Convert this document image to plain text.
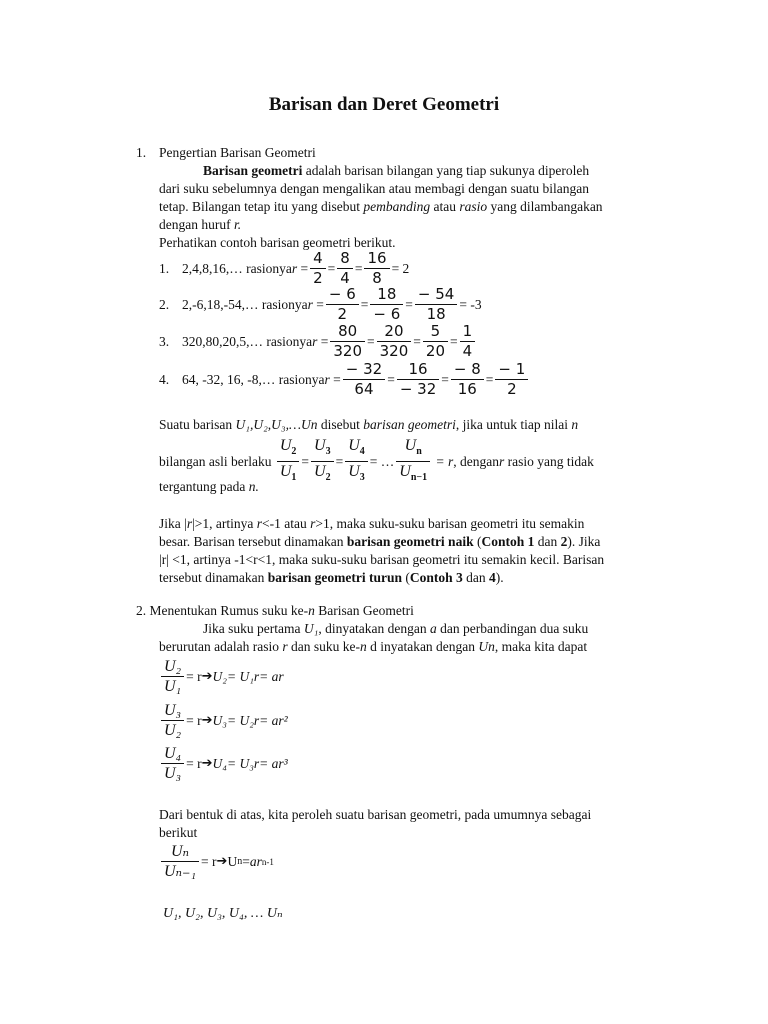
Barisan dan Deret Geometri
1. Pengertian Barisan Geometri
Barisan geometri adalah barisan bilangan yang tiap sukunya diperoleh
dari suku sebelumnya dengan mengalikan atau membagi dengan suatu bilangan
tetap. Bilangan tetap itu yang disebut pembanding atau rasio yang dilambangakan
dengan huruf r.
Perhatikan contoh barisan geometri berikut.
1. 2,4,8,16,… rasionya $r = \frac{4}{2} = \frac{8}{4} = \frac{16}{8} = 2$
2. 2,-6,18,-54,… rasionya $r = \frac{- 6}{2} = \frac{18}{- 6} = \frac{- 54}{18} = -3$
3. 320,80,20,5,… rasionya $r = \frac{80}{320} = \frac{20}{320} = \frac{5}{20} = \frac{1}{4}$
4. 64, -32, 16, -8,… rasionya $r = \frac{- 32}{64} = \frac{16}{- 32} = \frac{- 8}{16} = \frac{- 1}{2}$
Suatu barisan U₁,U₂,U₃,…Un disebut barisan geometri, jika untuk tiap nilai n
bilangan asli berlaku
$\frac{U_2}{U_1} = \frac{U_3}{U_2} = \frac{U_4}{U_3}$ = … $\frac{U_n}{U_{n-1}}$
= r , dengan r
rasio yang tidak
tergantung pada n.
Jika |r|>1, artinya r<-1 atau r>1, maka suku-suku barisan geometri itu semakin
besar. Barisan tersebut dinamakan barisan geometri naik (Contoh 1 dan 2). Jika
|r| <1, artinya -1<r<1, maka suku-suku barisan geometri itu semakin kecil. Barisan
tersebut dinamakan barisan geometri turun (Contoh 3 dan 4).
2. Menentukan Rumus suku ke-n Barisan Geometri
Jika suku pertama U₁, dinyatakan dengan a dan perbandingan dua suku
berurutan adalah rasio r dan suku ke-n d inyatakan dengan Un, maka kita dapat
$\frac{\text{U₂}}{\text{U₁}} = r$ ➔ U₂= U₁r= ar
$\frac{\text{U₃}}{\text{U₂}} = r$ ➔ U₃= U₂r= ar²
$\frac{\text{U₄}}{\text{U₃}} = r$ ➔ U₄= U₃r= ar³
Dari bentuk di atas, kita peroleh suatu barisan geometri, pada umumnya sebagai
berikut
$\frac{\text{Uₙ}}{\text{Uₙ₋₁}} = r$ ➔ U n = ar n-1
U₁, U₂, U₃, U₄, … Uₙ
